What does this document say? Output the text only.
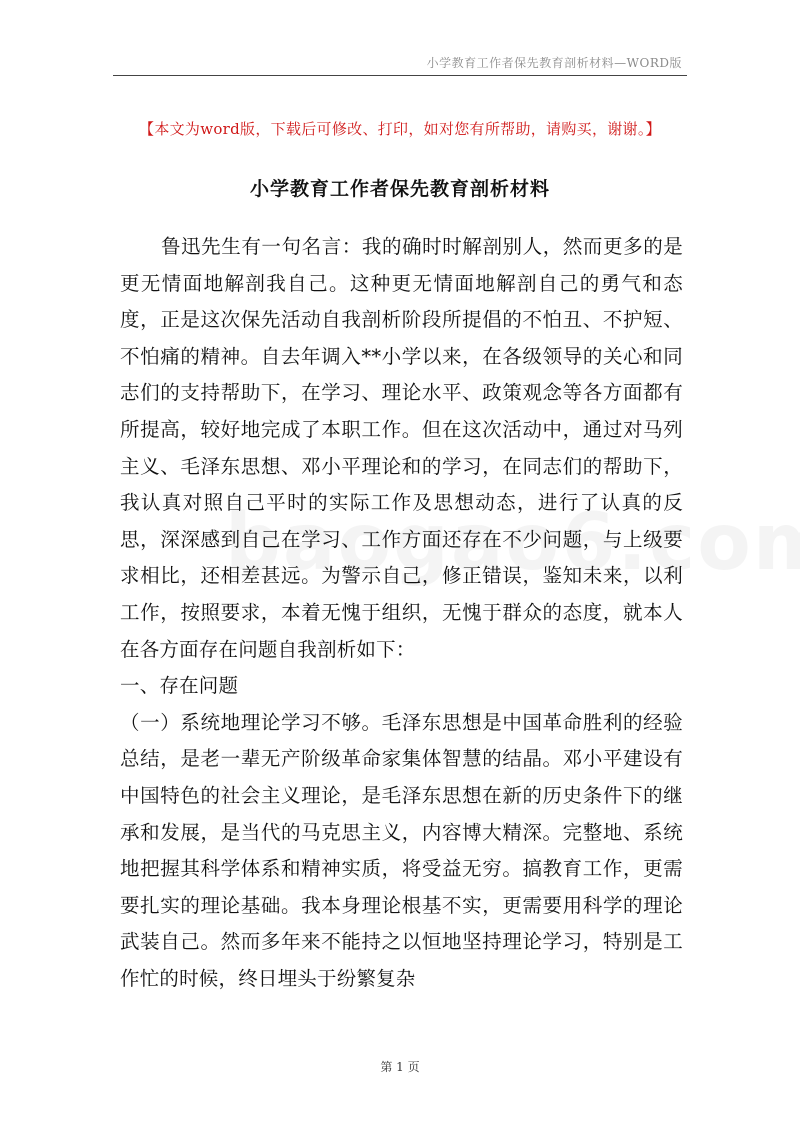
小学教育工作者保先教育剖析材料—WORD版
【本文为word版，下载后可修改、打印，如对您有所帮助，请购买，谢谢。】
小学教育工作者保先教育剖析材料

鲁迅先生有一句名言：我的确时时解剖别人，然而更多的是更无情面地解剖我自己。这种更无情面地解剖自己的勇气和态度，正是这次保先活动自我剖析阶段所提倡的不怕丑、不护短、不怕痛的精神。自去年调入**小学以来，在各级领导的关心和同志们的支持帮助下，在学习、理论水平、政策观念等各方面都有所提高，较好地完成了本职工作。但在这次活动中，通过对马列主义、毛泽东思想、邓小平理论和的学习，在同志们的帮助下，我认真对照自己平时的实际工作及思想动态，进行了认真的反思，深深感到自己在学习、工作方面还存在不少问题，与上级要求相比，还相差甚远。为警示自己，修正错误，鉴知未来，以利工作，按照要求，本着无愧于组织，无愧于群众的态度，就本人在各方面存在问题自我剖析如下：

一、存在问题

（一）系统地理论学习不够。毛泽东思想是中国革命胜利的经验总结，是老一辈无产阶级革命家集体智慧的结晶。邓小平建设有中国特色的社会主义理论，是毛泽东思想在新的历史条件下的继承和发展，是当代的马克思主义，内容博大精深。完整地、系统地把握其科学体系和精神实质，将受益无穷。搞教育工作，更需要扎实的理论基础。我本身理论根基不实，更需要用科学的理论武装自己。然而多年来不能持之以恒地坚持理论学习，特别是工作忙的时候，终日埋头于纷繁复杂

第 1 页
